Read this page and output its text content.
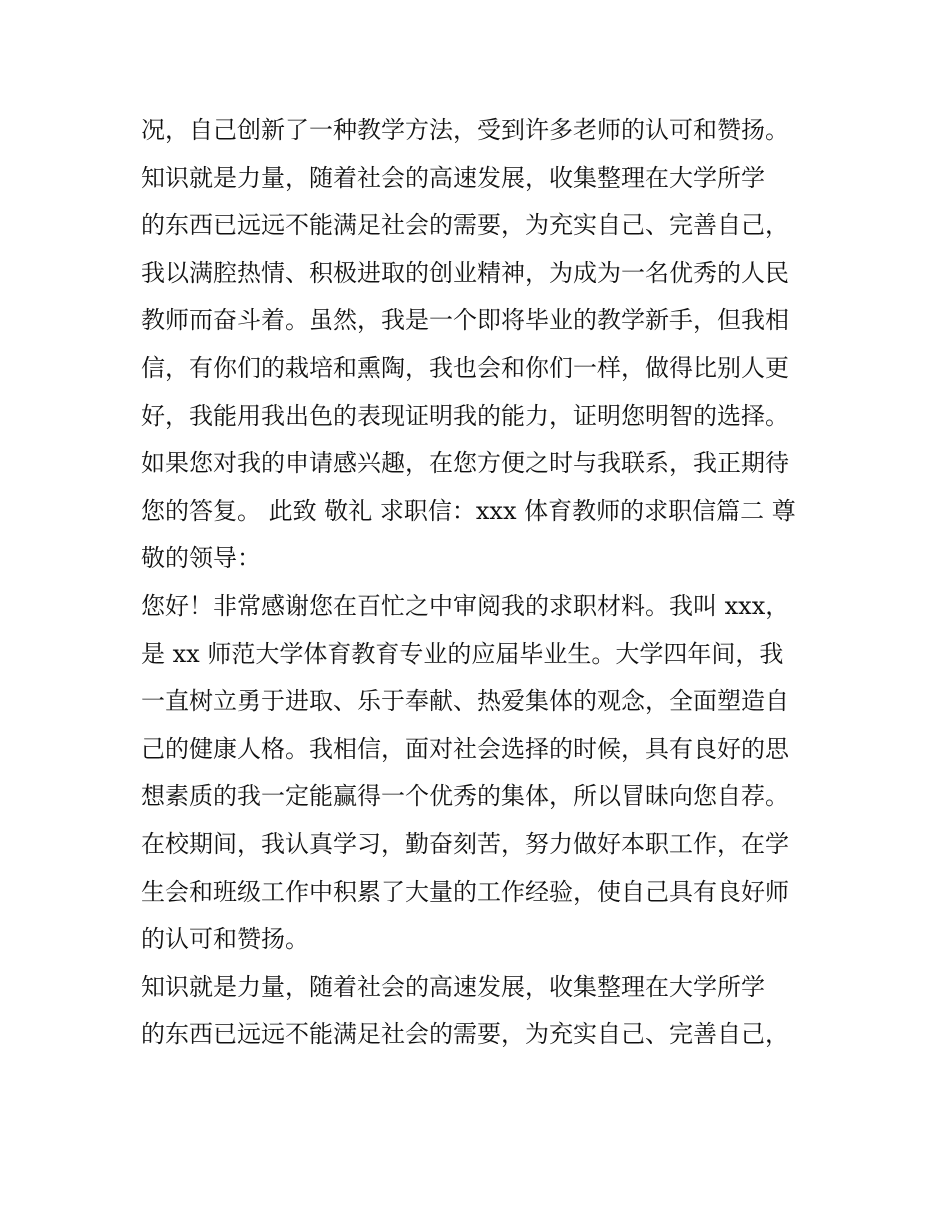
况，自己创新了一种教学方法，受到许多老师的认可和赞扬。
知识就是力量，随着社会的高速发展，收集整理在大学所学
的东西已远远不能满足社会的需要，为充实自己、完善自己，
我以满腔热情、积极进取的创业精神，为成为一名优秀的人民
教师而奋斗着。虽然，我是一个即将毕业的教学新手，但我相
信，有你们的栽培和熏陶，我也会和你们一样，做得比别人更
好，我能用我出色的表现证明我的能力，证明您明智的选择。
如果您对我的申请感兴趣，在您方便之时与我联系，我正期待
您的答复。 此致 敬礼 求职信：xxx 体育教师的求职信篇二 尊
敬的领导：
您好！非常感谢您在百忙之中审阅我的求职材料。我叫 xxx，
是 xx 师范大学体育教育专业的应届毕业生。大学四年间，我
一直树立勇于进取、乐于奉献、热爱集体的观念，全面塑造自
己的健康人格。我相信，面对社会选择的时候，具有良好的思
想素质的我一定能赢得一个优秀的集体，所以冒昧向您自荐。
在校期间，我认真学习，勤奋刻苦，努力做好本职工作，在学
生会和班级工作中积累了大量的工作经验，使自己具有良好师
的认可和赞扬。
知识就是力量，随着社会的高速发展，收集整理在大学所学
的东西已远远不能满足社会的需要，为充实自己、完善自己，
